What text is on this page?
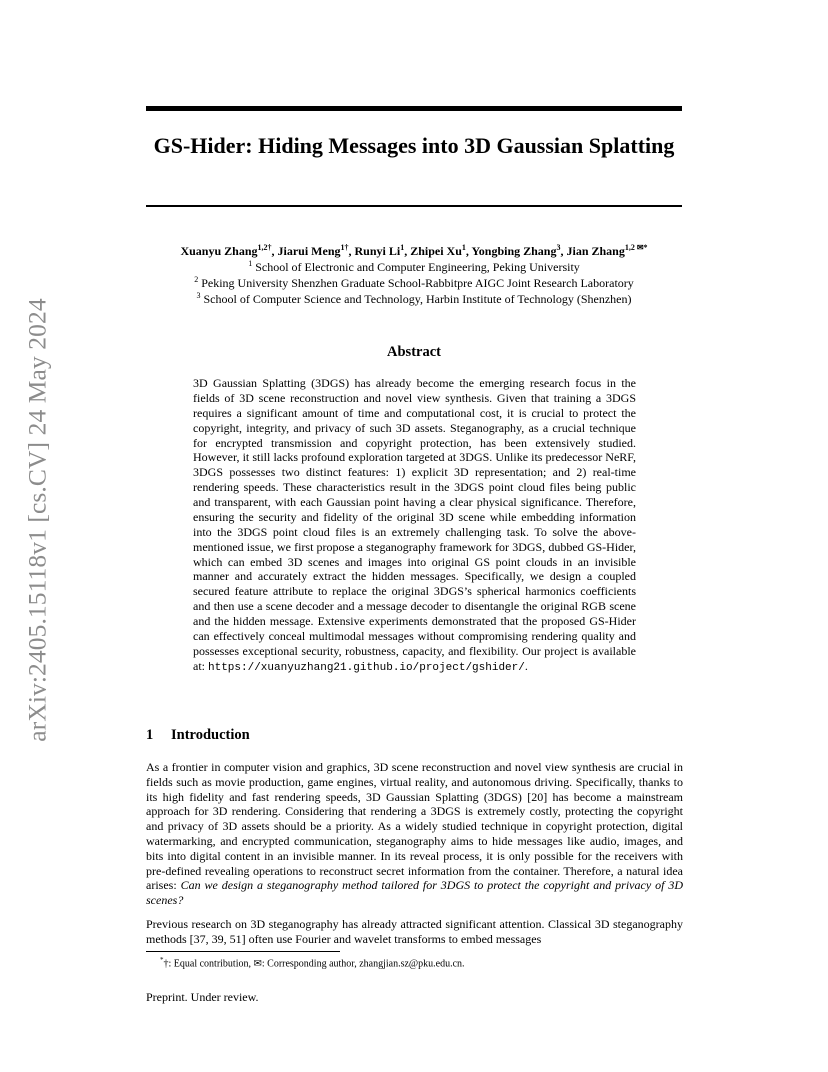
arXiv:2405.15118v1 [cs.CV] 24 May 2024
GS-Hider: Hiding Messages into 3D Gaussian Splatting
Xuanyu Zhang$^{1,2\dagger}$, Jiarui Meng$^{1\dagger}$, Runyi Li$^1$, Zhipei Xu$^1$, Yongbing Zhang$^3$, Jian Zhang$^{1,2 ✉*}$
$^1$ School of Electronic and Computer Engineering, Peking University
$^2$ Peking University Shenzhen Graduate School-Rabbitpre AIGC Joint Research Laboratory
$^3$ School of Computer Science and Technology, Harbin Institute of Technology (Shenzhen)
Abstract
3D Gaussian Splatting (3DGS) has already become the emerging research focus in the fields of 3D scene reconstruction and novel view synthesis. Given that training a 3DGS requires a significant amount of time and computational cost, it is crucial to protect the copyright, integrity, and privacy of such 3D assets. Steganography, as a crucial technique for encrypted transmission and copyright protection, has been extensively studied. However, it still lacks profound exploration targeted at 3DGS. Unlike its predecessor NeRF, 3DGS possesses two distinct features: 1) explicit 3D representation; and 2) real-time rendering speeds. These characteristics result in the 3DGS point cloud files being public and transparent, with each Gaussian point having a clear physical significance. Therefore, ensuring the security and fidelity of the original 3D scene while embedding information into the 3DGS point cloud files is an extremely challenging task. To solve the above-mentioned issue, we first propose a steganography framework for 3DGS, dubbed GS-Hider, which can embed 3D scenes and images into original GS point clouds in an invisible manner and accurately extract the hidden messages. Specifically, we design a coupled secured feature attribute to replace the original 3DGS’s spherical harmonics coefficients and then use a scene decoder and a message decoder to disentangle the original RGB scene and the hidden message. Extensive experiments demonstrated that the proposed GS-Hider can effectively conceal multimodal messages without compromising rendering quality and possesses exceptional security, robustness, capacity, and flexibility. Our project is available at: https://xuanyuzhang21.github.io/project/gshider/.
1 Introduction
As a frontier in computer vision and graphics, 3D scene reconstruction and novel view synthesis are crucial in fields such as movie production, game engines, virtual reality, and autonomous driving. Specifically, thanks to its high fidelity and fast rendering speeds, 3D Gaussian Splatting (3DGS) [20] has become a mainstream approach for 3D rendering. Considering that rendering a 3DGS is extremely costly, protecting the copyright and privacy of 3D assets should be a priority. As a widely studied technique in copyright protection, digital watermarking, and encrypted communication, steganography aims to hide messages like audio, images, and bits into digital content in an invisible manner. In its reveal process, it is only possible for the receivers with pre-defined revealing operations to reconstruct secret information from the container. Therefore, a natural idea arises: Can we design a steganography method tailored for 3DGS to protect the copyright and privacy of 3D scenes?
Previous research on 3D steganography has already attracted significant attention. Classical 3D steganography methods [37, 39, 51] often use Fourier and wavelet transforms to embed messages
*†: Equal contribution, ✉: Corresponding author, zhangjian.sz@pku.edu.cn.
Preprint. Under review.
